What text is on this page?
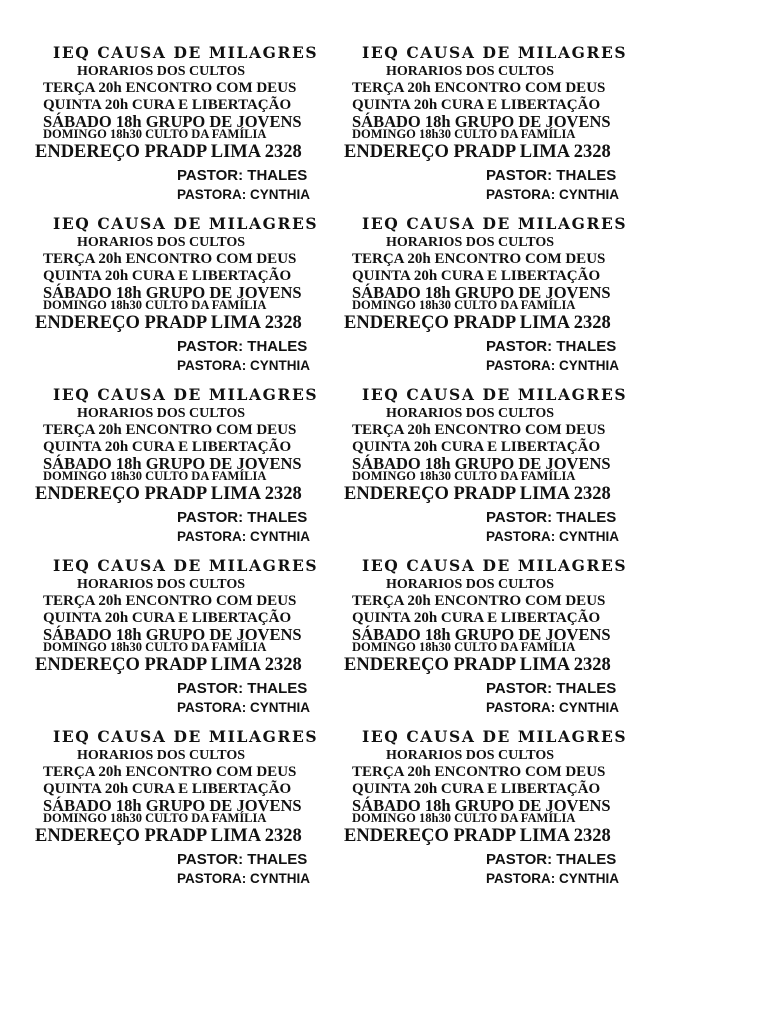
IEQ CAUSA DE MILAGRES
HORARIOS DOS CULTOS
TERÇA 20h ENCONTRO COM DEUS
QUINTA 20h CURA E LIBERTAÇÃO
SÁBADO 18h GRUPO DE JOVENS
DOMINGO 18h30 CULTO DA FAMÍLIA
ENDEREÇO PRADP LIMA 2328
PASTOR: THALES
PASTORA: CYNTHIA
IEQ CAUSA DE MILAGRES
HORARIOS DOS CULTOS
TERÇA 20h ENCONTRO COM DEUS
QUINTA 20h CURA E LIBERTAÇÃO
SÁBADO 18h GRUPO DE JOVENS
DOMINGO 18h30 CULTO DA FAMÍLIA
ENDEREÇO PRADP LIMA 2328
PASTOR: THALES
PASTORA: CYNTHIA
IEQ CAUSA DE MILAGRES
HORARIOS DOS CULTOS
TERÇA 20h ENCONTRO COM DEUS
QUINTA 20h CURA E LIBERTAÇÃO
SÁBADO 18h GRUPO DE JOVENS
DOMINGO 18h30 CULTO DA FAMÍLIA
ENDEREÇO PRADP LIMA 2328
PASTOR: THALES
PASTORA: CYNTHIA
IEQ CAUSA DE MILAGRES
HORARIOS DOS CULTOS
TERÇA 20h ENCONTRO COM DEUS
QUINTA 20h CURA E LIBERTAÇÃO
SÁBADO 18h GRUPO DE JOVENS
DOMINGO 18h30 CULTO DA FAMÍLIA
ENDEREÇO PRADP LIMA 2328
PASTOR: THALES
PASTORA: CYNTHIA
IEQ CAUSA DE MILAGRES
HORARIOS DOS CULTOS
TERÇA 20h ENCONTRO COM DEUS
QUINTA 20h CURA E LIBERTAÇÃO
SÁBADO 18h GRUPO DE JOVENS
DOMINGO 18h30 CULTO DA FAMÍLIA
ENDEREÇO PRADP LIMA 2328
PASTOR: THALES
PASTORA: CYNTHIA
IEQ CAUSA DE MILAGRES
HORARIOS DOS CULTOS
TERÇA 20h ENCONTRO COM DEUS
QUINTA 20h CURA E LIBERTAÇÃO
SÁBADO 18h GRUPO DE JOVENS
DOMINGO 18h30 CULTO DA FAMÍLIA
ENDEREÇO PRADP LIMA 2328
PASTOR: THALES
PASTORA: CYNTHIA
IEQ CAUSA DE MILAGRES
HORARIOS DOS CULTOS
TERÇA 20h ENCONTRO COM DEUS
QUINTA 20h CURA E LIBERTAÇÃO
SÁBADO 18h GRUPO DE JOVENS
DOMINGO 18h30 CULTO DA FAMÍLIA
ENDEREÇO PRADP LIMA 2328
PASTOR: THALES
PASTORA: CYNTHIA
IEQ CAUSA DE MILAGRES
HORARIOS DOS CULTOS
TERÇA 20h ENCONTRO COM DEUS
QUINTA 20h CURA E LIBERTAÇÃO
SÁBADO 18h GRUPO DE JOVENS
DOMINGO 18h30 CULTO DA FAMÍLIA
ENDEREÇO PRADP LIMA 2328
PASTOR: THALES
PASTORA: CYNTHIA
IEQ CAUSA DE MILAGRES
HORARIOS DOS CULTOS
TERÇA 20h ENCONTRO COM DEUS
QUINTA 20h CURA E LIBERTAÇÃO
SÁBADO 18h GRUPO DE JOVENS
DOMINGO 18h30 CULTO DA FAMÍLIA
ENDEREÇO PRADP LIMA 2328
PASTOR: THALES
PASTORA: CYNTHIA
IEQ CAUSA DE MILAGRES
HORARIOS DOS CULTOS
TERÇA 20h ENCONTRO COM DEUS
QUINTA 20h CURA E LIBERTAÇÃO
SÁBADO 18h GRUPO DE JOVENS
DOMINGO 18h30 CULTO DA FAMÍLIA
ENDEREÇO PRADP LIMA 2328
PASTOR: THALES
PASTORA: CYNTHIA
